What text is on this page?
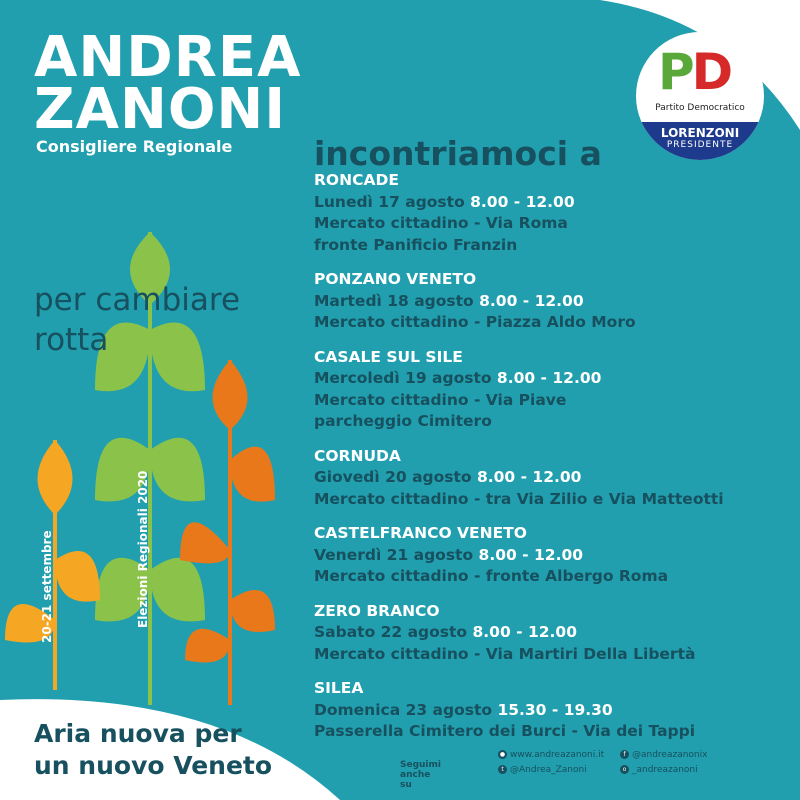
ANDREA
ZANONI
Consigliere Regionale
per cambiare
rotta
20-21 settembre	Elezioni Regionali 2020
PD
Partito Democratico
LORENZONI
PRESIDENTE
incontriamoci a
RONCADE
Lunedì 17 agosto 8.00 - 12.00
Mercato cittadino - Via Roma
fronte Panificio Franzin
PONZANO VENETO
Martedì 18 agosto 8.00 - 12.00
Mercato cittadino - Piazza Aldo Moro
CASALE SUL SILE
Mercoledì 19 agosto 8.00 - 12.00
Mercato cittadino - Via Piave
parcheggio Cimitero
CORNUDA
Giovedì 20 agosto 8.00 - 12.00
Mercato cittadino - tra Via Zilio e Via Matteotti
CASTELFRANCO VENETO
Venerdì 21 agosto 8.00 - 12.00
Mercato cittadino - fronte Albergo Roma
ZERO BRANCO
Sabato 22 agosto 8.00 - 12.00
Mercato cittadino - Via Martiri Della Libertà
SILEA
Domenica 23 agosto 15.30 - 19.30
Passerella Cimitero dei Burci - Via dei Tappi
Aria nuova per
un nuovo Veneto	Seguimi anche su
● www.andreazanoni.it	f @andreazanonix
t @Andrea_Zanoni	o _andreazanoni
